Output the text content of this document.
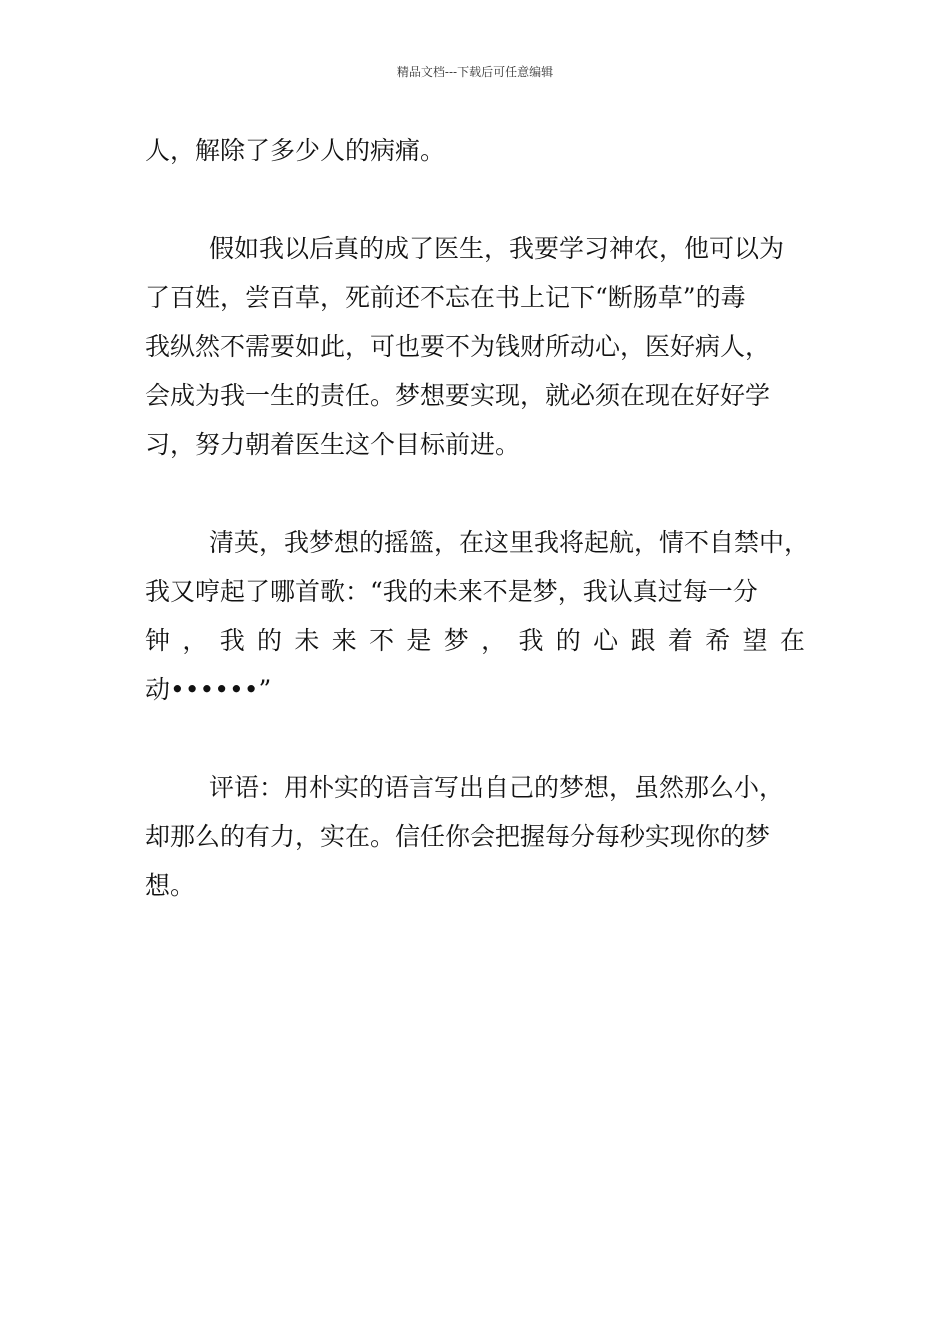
精品文档---下载后可任意编辑
人，解除了多少人的病痛。
假如我以后真的成了医生，我要学习神农，他可以为
了百姓，尝百草，死前还不忘在书上记下“断肠草”的毒
我纵然不需要如此，可也要不为钱财所动心，医好病人，
会成为我一生的责任。梦想要实现，就必须在现在好好学
习，努力朝着医生这个目标前进。
清英，我梦想的摇篮，在这里我将起航，情不自禁中，
我又哼起了哪首歌：“我的未来不是梦，我认真过每一分
钟 ， 我 的 未 来 不 是 梦 ， 我 的 心 跟 着 希 望 在
动••••••”
评语：用朴实的语言写出自己的梦想，虽然那么小，
却那么的有力，实在。信任你会把握每分每秒实现你的梦
想。
